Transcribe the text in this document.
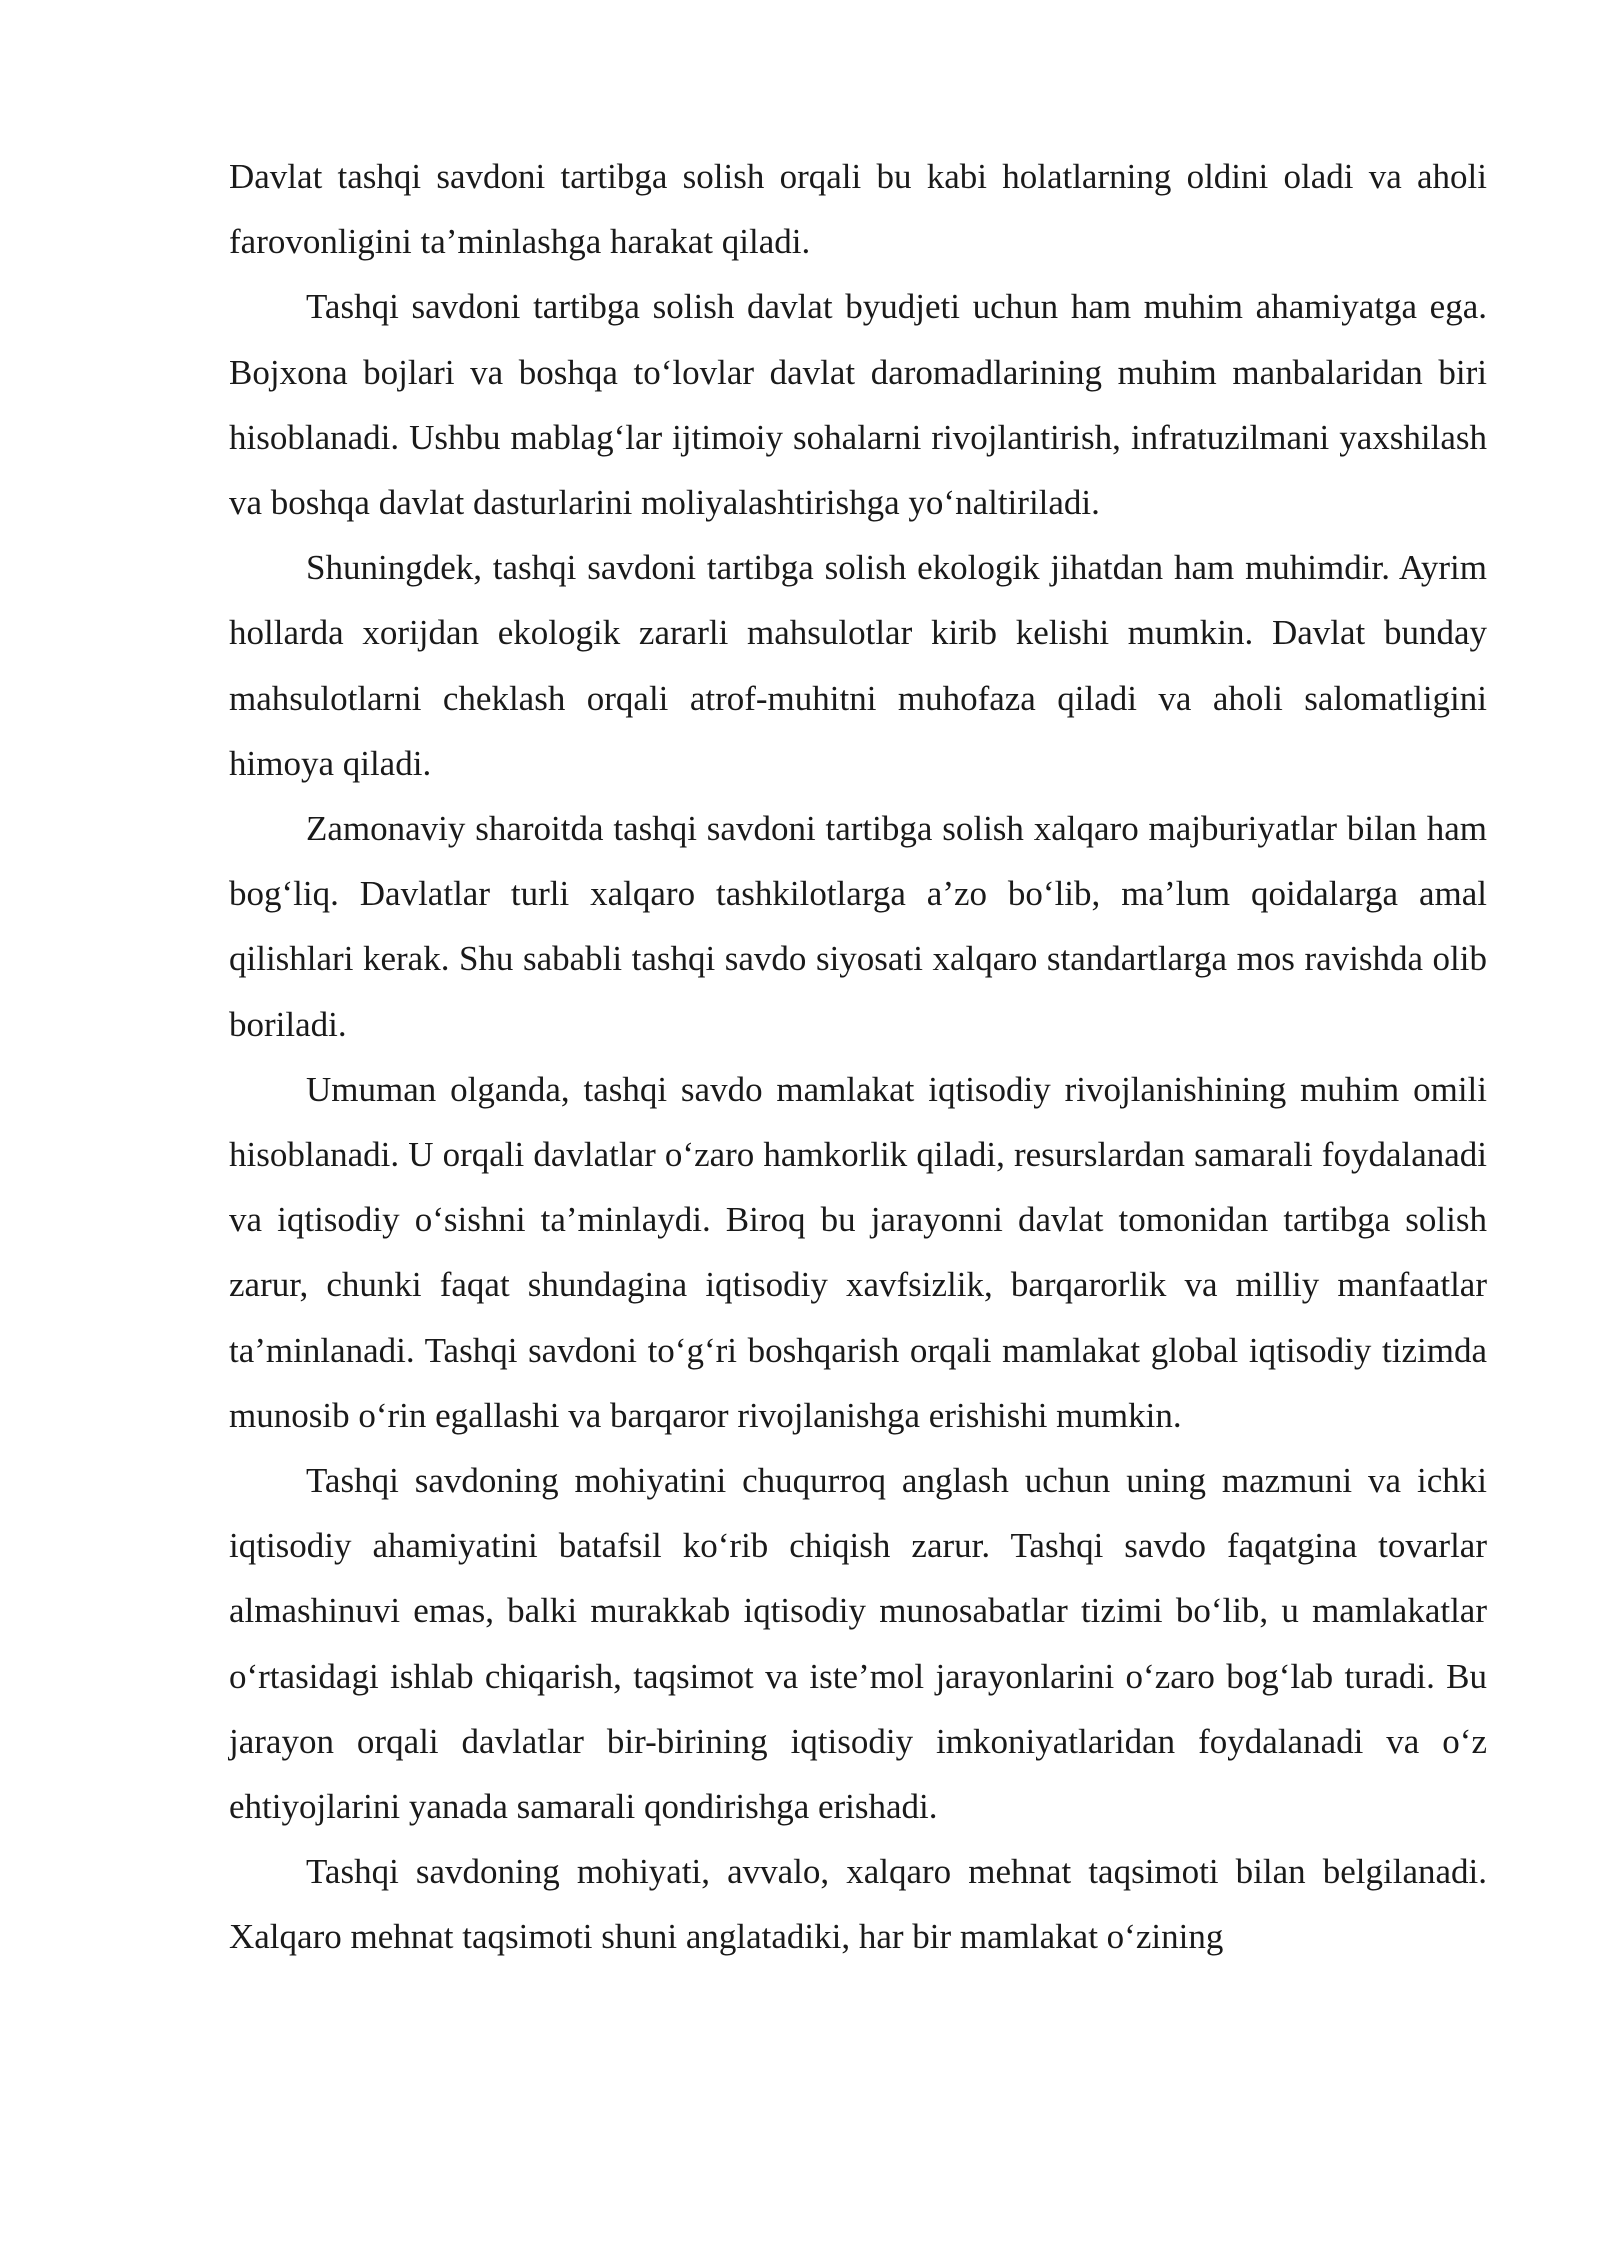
Davlat tashqi savdoni tartibga solish orqali bu kabi holatlarning oldini oladi va aholi farovonligini ta’minlashga harakat qiladi.

Tashqi savdoni tartibga solish davlat byudjeti uchun ham muhim ahamiyatga ega. Bojxona bojlari va boshqa to‘lovlar davlat daromadlarining muhim manbalaridan biri hisoblanadi. Ushbu mablag‘lar ijtimoiy sohalarni rivojlantirish, infratuzilmani yaxshilash va boshqa davlat dasturlarini moliyalashtirishga yo‘naltiriladi.

Shuningdek, tashqi savdoni tartibga solish ekologik jihatdan ham muhimdir. Ayrim hollarda xorijdan ekologik zararli mahsulotlar kirib kelishi mumkin. Davlat bunday mahsulotlarni cheklash orqali atrof-muhitni muhofaza qiladi va aholi salomatligini himoya qiladi.

Zamonaviy sharoitda tashqi savdoni tartibga solish xalqaro majburiyatlar bilan ham bog‘liq. Davlatlar turli xalqaro tashkilotlarga a’zo bo‘lib, ma’lum qoidalarga amal qilishlari kerak. Shu sababli tashqi savdo siyosati xalqaro standartlarga mos ravishda olib boriladi.

Umuman olganda, tashqi savdo mamlakat iqtisodiy rivojlanishining muhim omili hisoblanadi. U orqali davlatlar o‘zaro hamkorlik qiladi, resurslardan samarali foydalanadi va iqtisodiy o‘sishni ta’minlaydi. Biroq bu jarayonni davlat tomonidan tartibga solish zarur, chunki faqat shundagina iqtisodiy xavfsizlik, barqarorlik va milliy manfaatlar ta’minlanadi. Tashqi savdoni to‘g‘ri boshqarish orqali mamlakat global iqtisodiy tizimda munosib o‘rin egallashi va barqaror rivojlanishga erishishi mumkin.

Tashqi savdoning mohiyatini chuqurroq anglash uchun uning mazmuni va ichki iqtisodiy ahamiyatini batafsil ko‘rib chiqish zarur. Tashqi savdo faqatgina tovarlar almashinuvi emas, balki murakkab iqtisodiy munosabatlar tizimi bo‘lib, u mamlakatlar o‘rtasidagi ishlab chiqarish, taqsimot va iste’mol jarayonlarini o‘zaro bog‘lab turadi. Bu jarayon orqali davlatlar bir-birining iqtisodiy imkoniyatlaridan foydalanadi va o‘z ehtiyojlarini yanada samarali qondirishga erishadi.

Tashqi savdoning mohiyati, avvalo, xalqaro mehnat taqsimoti bilan belgilanadi. Xalqaro mehnat taqsimoti shuni anglatadiki, har bir mamlakat o‘zining
